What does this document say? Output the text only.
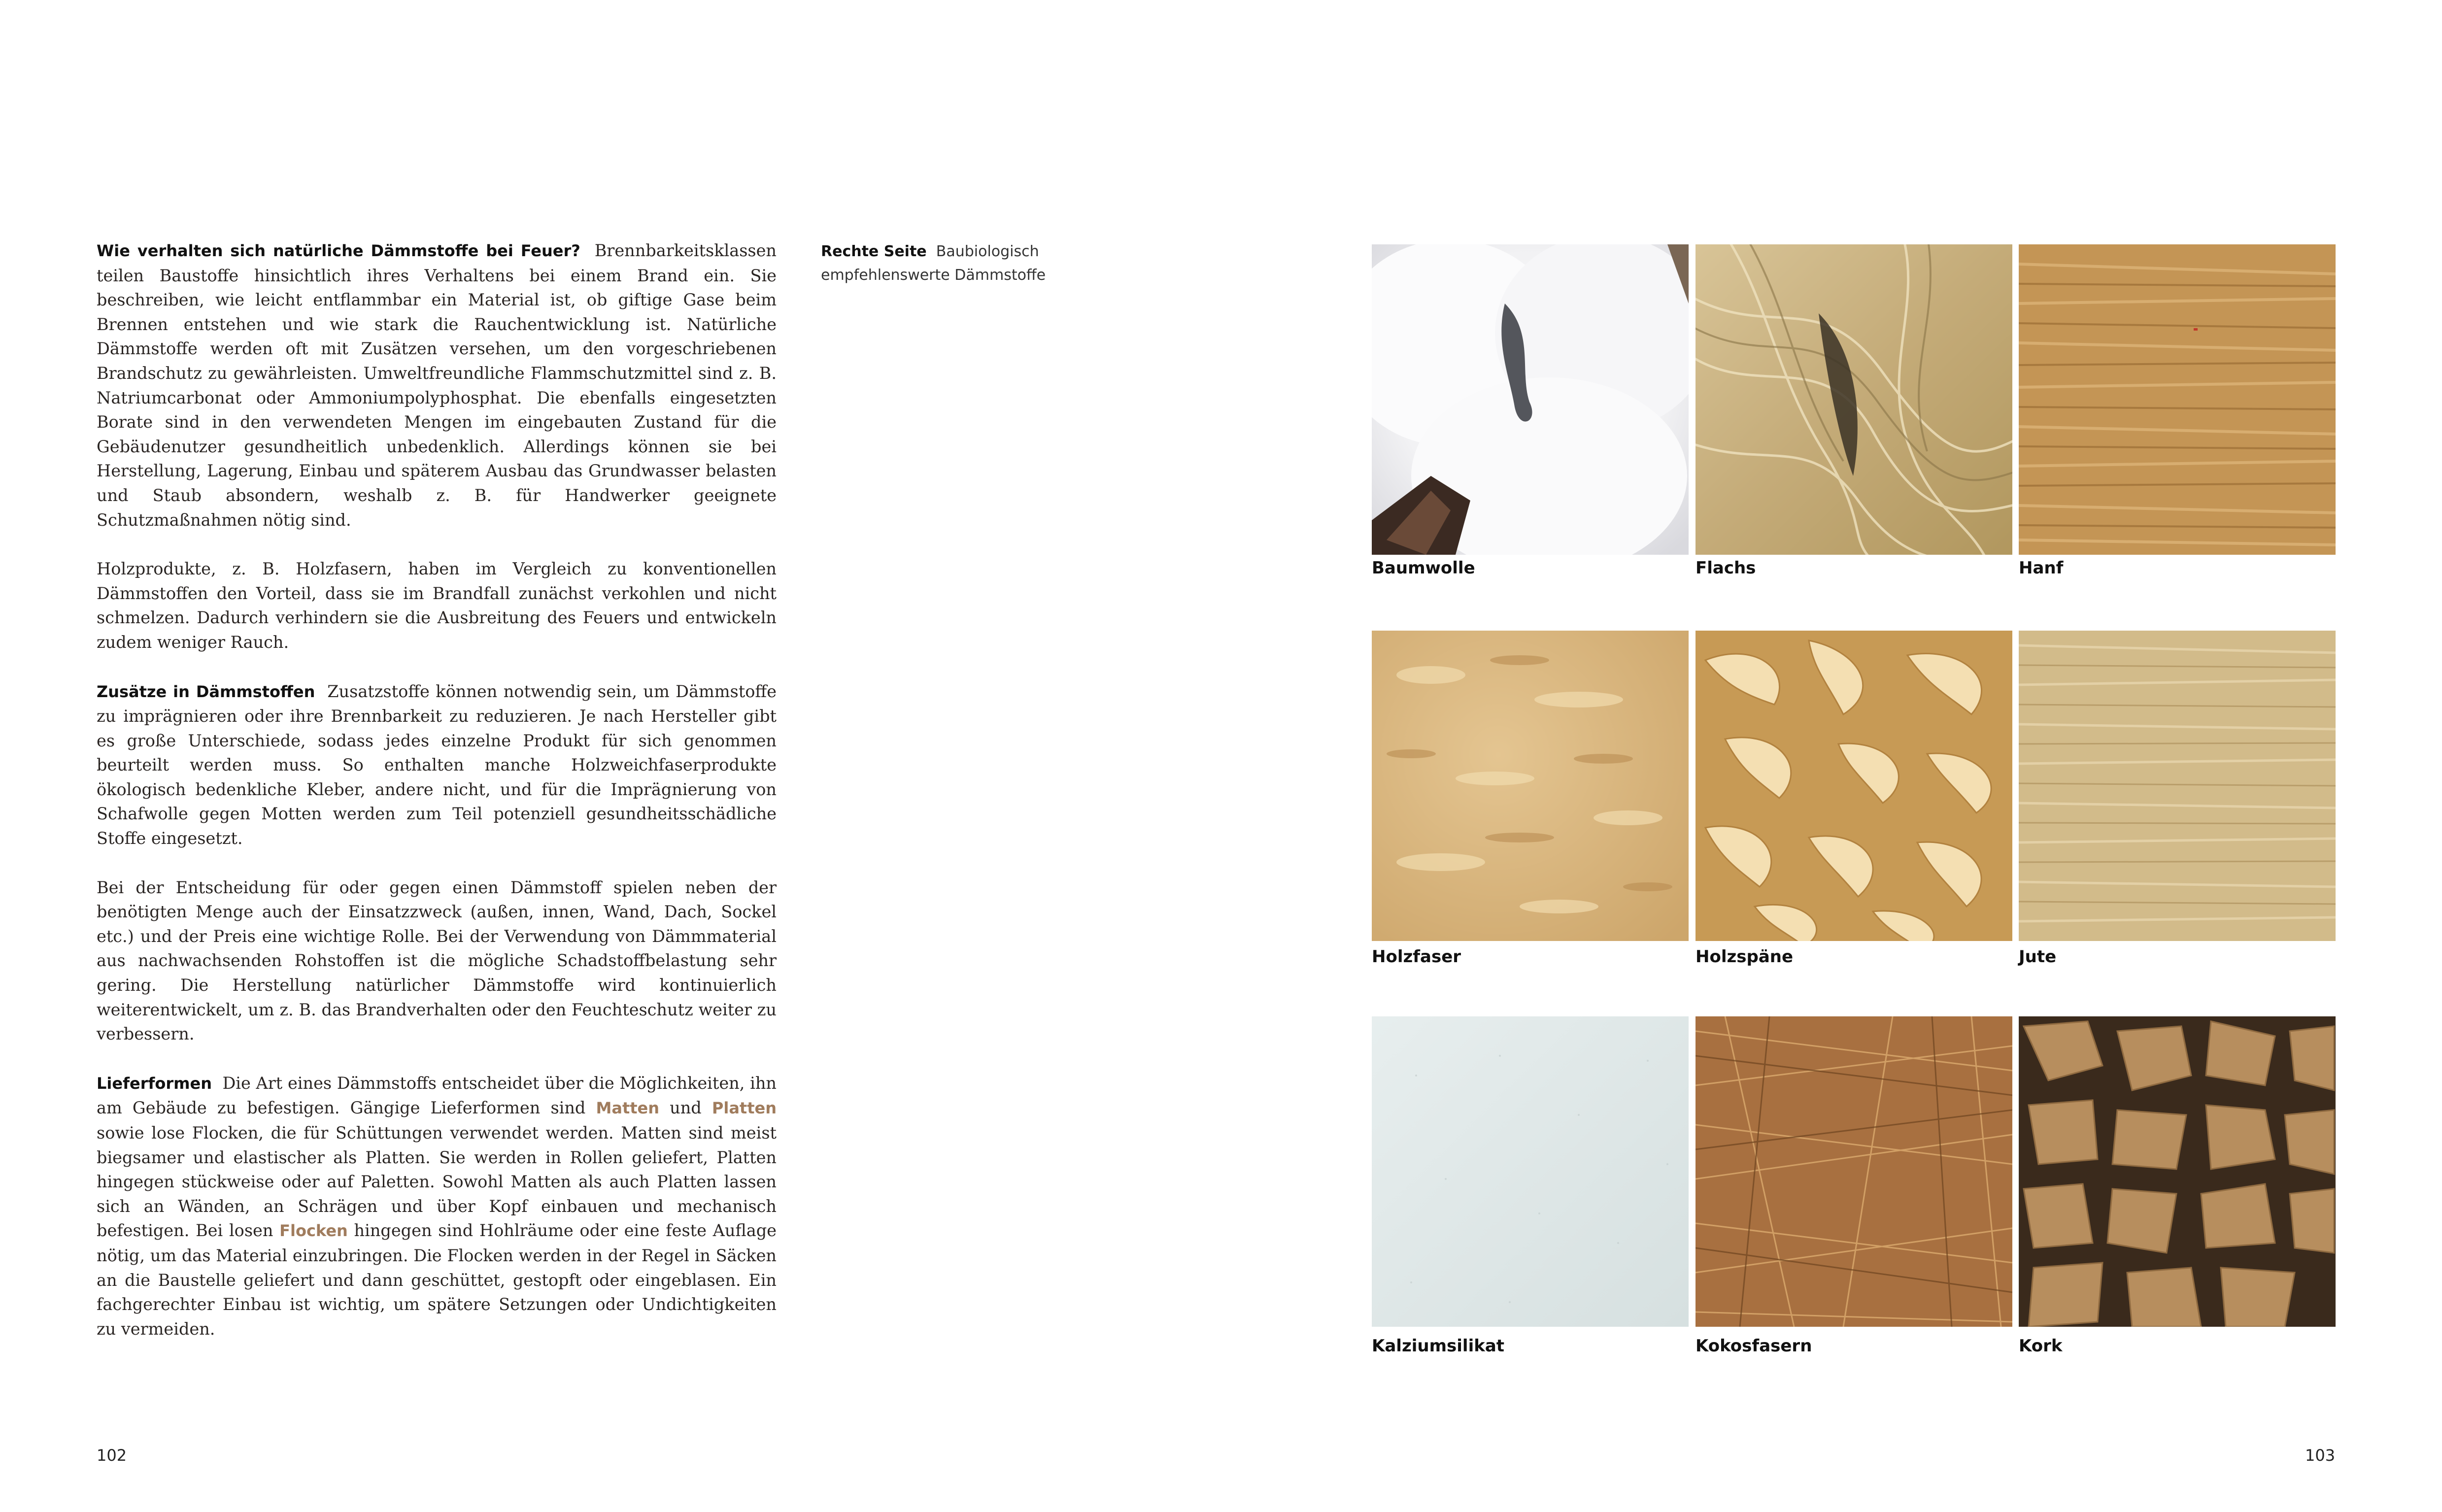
Wie verhalten sich natürliche Dämmstoffe bei Feuer? Brennbarkeitsklassen teilen Baustoffe hinsichtlich ihres Verhaltens bei einem Brand ein. Sie beschreiben, wie leicht entflammbar ein Material ist, ob giftige Gase beim Brennen entstehen und wie stark die Rauchentwicklung ist. Natürliche Dämmstoffe werden oft mit Zusätzen versehen, um den vorgeschriebenen Brandschutz zu gewährleisten. Umweltfreundliche Flammschutzmittel sind z. B. Natriumcarbonat oder Ammoniumpolyphosphat. Die ebenfalls eingesetzten Borate sind in den verwendeten Mengen im eingebauten Zustand für die Gebäudenutzer gesundheitlich unbedenklich. Allerdings können sie bei Herstellung, Lagerung, Einbau und späterem Ausbau das Grundwasser belasten und Staub absondern, weshalb z. B. für Handwerker geeignete Schutzmaßnahmen nötig sind.

Holzprodukte, z. B. Holzfasern, haben im Vergleich zu konventionellen Dämmstoffen den Vorteil, dass sie im Brandfall zunächst verkohlen und nicht schmelzen. Dadurch verhindern sie die Ausbreitung des Feuers und entwickeln zudem weniger Rauch.

Zusätze in Dämmstoffen Zusatzstoffe können notwendig sein, um Dämmstoffe zu imprägnieren oder ihre Brennbarkeit zu reduzieren. Je nach Hersteller gibt es große Unterschiede, sodass jedes einzelne Produkt für sich genommen beurteilt werden muss. So enthalten manche Holzweichfaserprodukte ökologisch bedenkliche Kleber, andere nicht, und für die Imprägnierung von Schafwolle gegen Motten werden zum Teil potenziell gesundheitsschädliche Stoffe eingesetzt.

Bei der Entscheidung für oder gegen einen Dämmstoff spielen neben der benötigten Menge auch der Einsatzzweck (außen, innen, Wand, Dach, Sockel etc.) und der Preis eine wichtige Rolle. Bei der Verwendung von Dämmmaterial aus nachwachsenden Rohstoffen ist die mögliche Schadstoffbelastung sehr gering. Die Herstellung natürlicher Dämmstoffe wird kontinuierlich weiterentwickelt, um z. B. das Brandverhalten oder den Feuchteschutz weiter zu verbessern.

Lieferformen Die Art eines Dämmstoffs entscheidet über die Möglichkeiten, ihn am Gebäude zu befestigen. Gängige Lieferformen sind Matten und Platten sowie lose Flocken, die für Schüttungen verwendet werden. Matten sind meist biegsamer und elastischer als Platten. Sie werden in Rollen geliefert, Platten hingegen stückweise oder auf Paletten. Sowohl Matten als auch Platten lassen sich an Wänden, an Schrägen und über Kopf einbauen und mechanisch befestigen. Bei losen Flocken hingegen sind Hohlräume oder eine feste Auflage nötig, um das Material einzubringen. Die Flocken werden in der Regel in Säcken an die Baustelle geliefert und dann geschüttet, gestopft oder eingeblasen. Ein fachgerechter Einbau ist wichtig, um spätere Setzungen oder Undichtigkeiten zu vermeiden.

Rechte Seite Baubiologisch empfehlenswerte Dämmstoffe
Baumwolle	Flachs	Hanf
Holzfaser	Holzspäne	Jute
Kalziumsilikat	Kokosfasern	Kork
102	103
